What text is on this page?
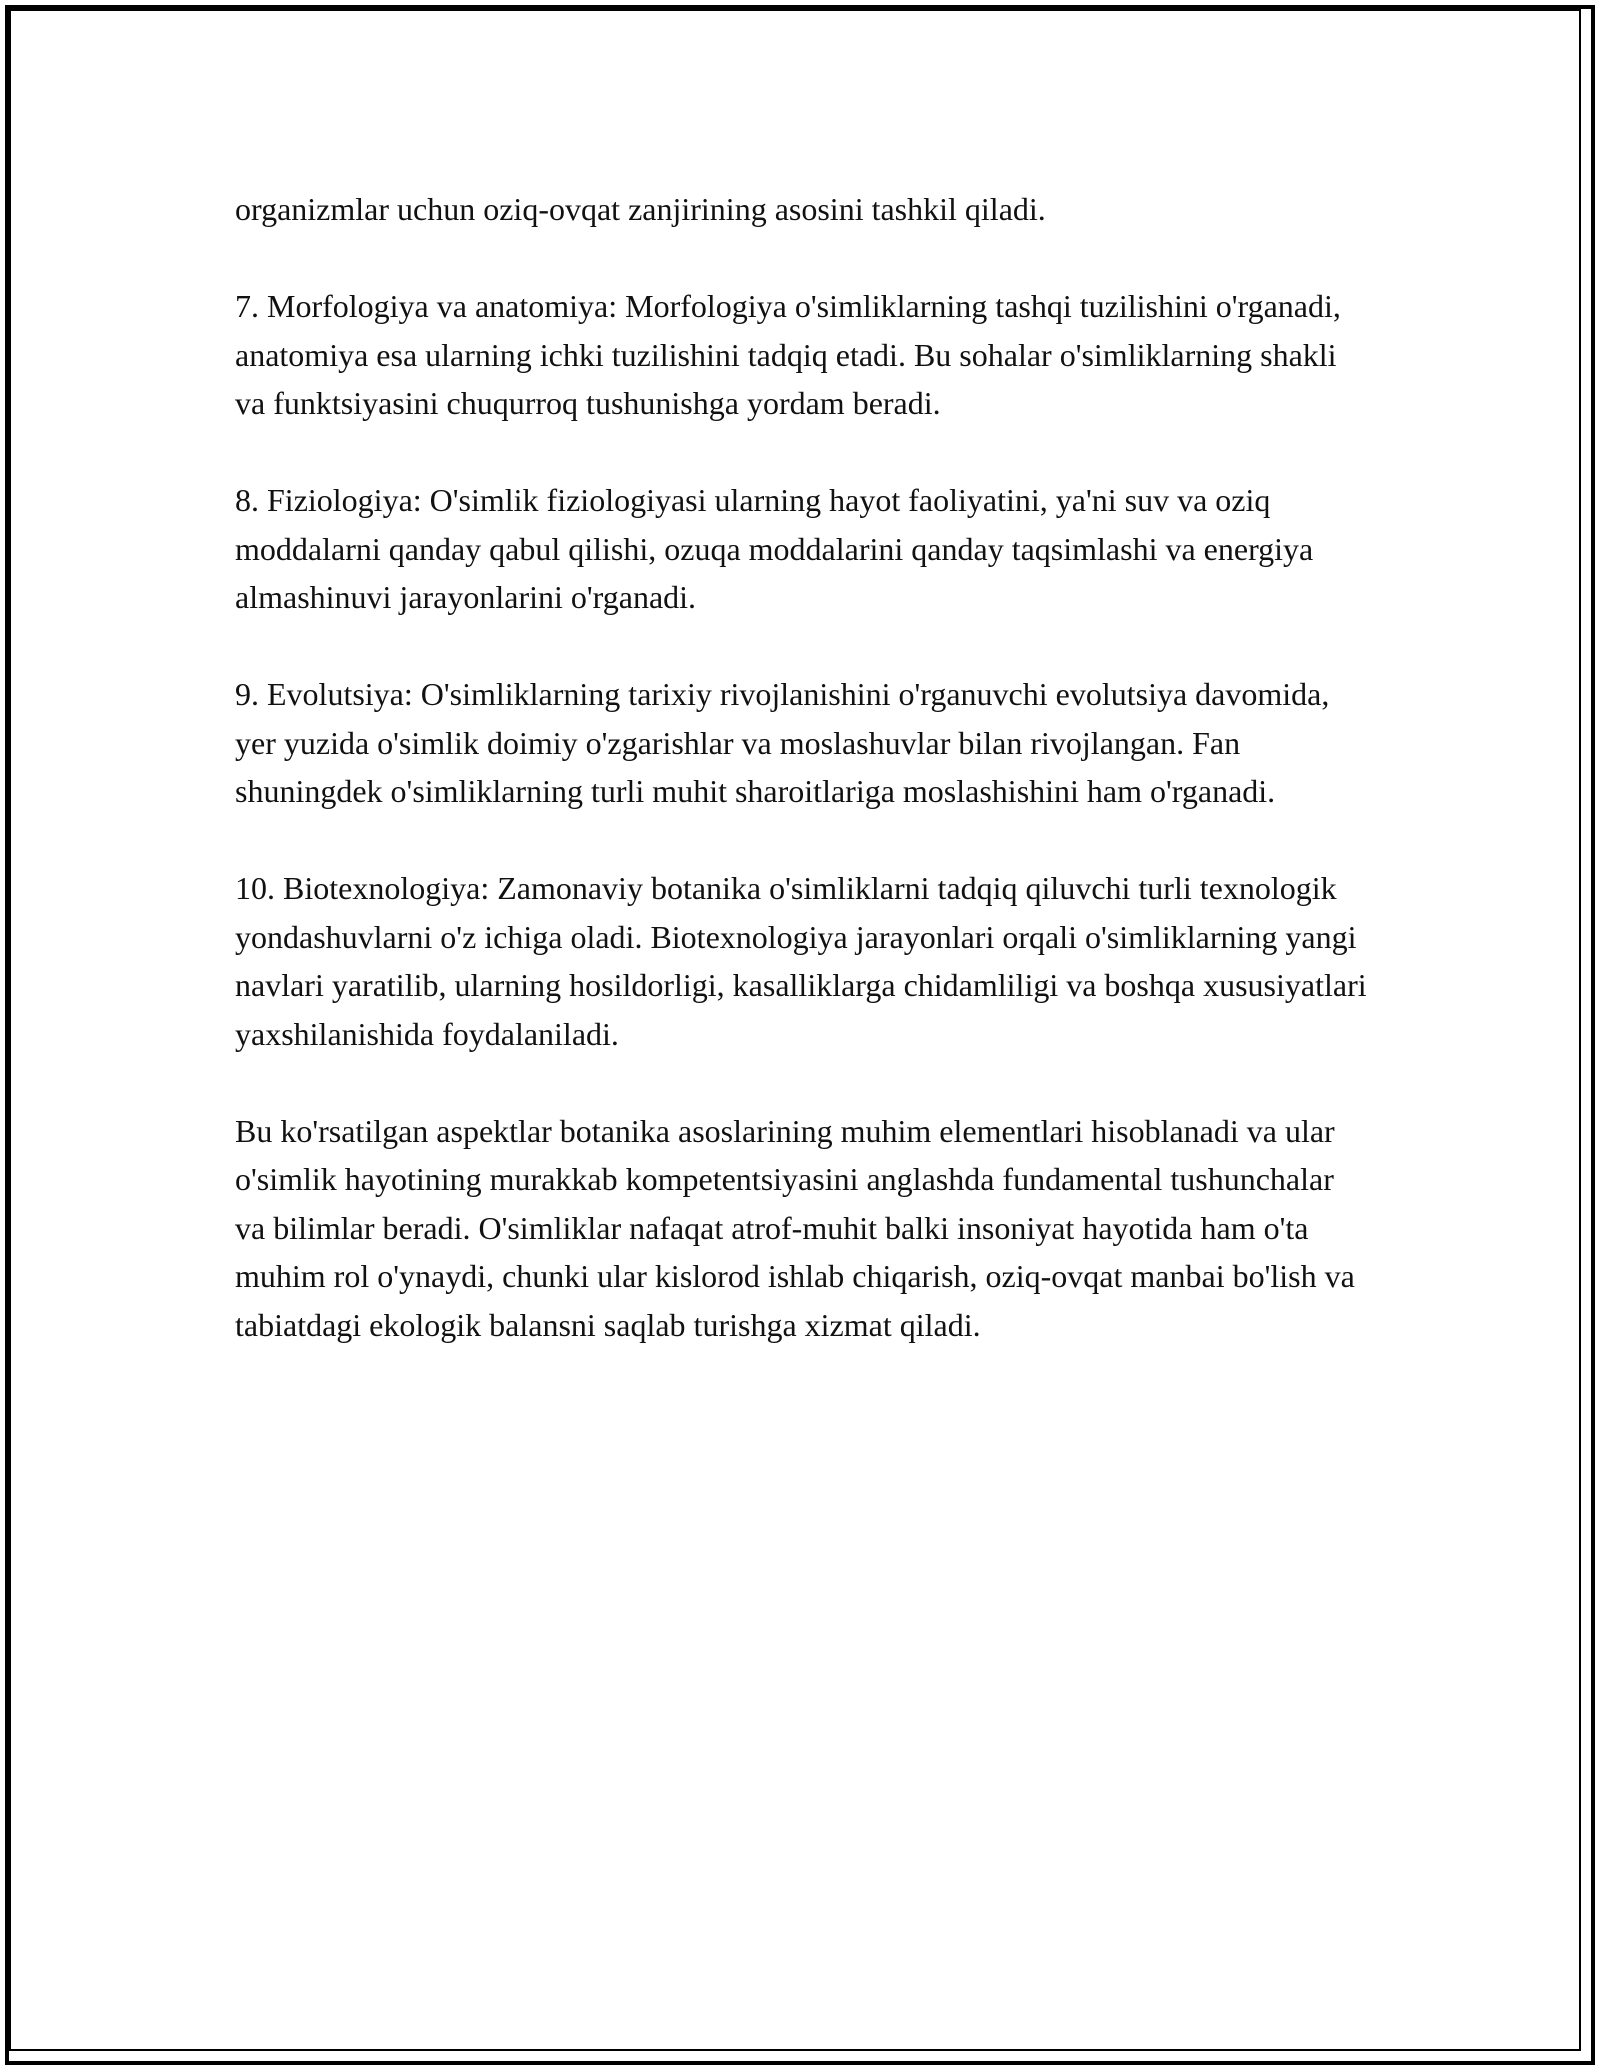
organizmlar uchun oziq-ovqat zanjirining asosini tashkil qiladi.

7. Morfologiya va anatomiya: Morfologiya o'simliklarning tashqi tuzilishini o'rganadi, anatomiya esa ularning ichki tuzilishini tadqiq etadi. Bu sohalar o'simliklarning shakli va funktsiyasini chuqurroq tushunishga yordam beradi.

8. Fiziologiya: O'simlik fiziologiyasi ularning hayot faoliyatini, ya'ni suv va oziq moddalarni qanday qabul qilishi, ozuqa moddalarini qanday taqsimlashi va energiya almashinuvi jarayonlarini o'rganadi.

9. Evolutsiya: O'simliklarning tarixiy rivojlanishini o'rganuvchi evolutsiya davomida, yer yuzida o'simlik doimiy o'zgarishlar va moslashuvlar bilan rivojlangan. Fan shuningdek o'simliklarning turli muhit sharoitlariga moslashishini ham o'rganadi.

10. Biotexnologiya: Zamonaviy botanika o'simliklarni tadqiq qiluvchi turli texnologik yondashuvlarni o'z ichiga oladi. Biotexnologiya jarayonlari orqali o'simliklarning yangi navlari yaratilib, ularning hosildorligi, kasalliklarga chidamliligi va boshqa xususiyatlari yaxshilanishida foydalaniladi.

Bu ko'rsatilgan aspektlar botanika asoslarining muhim elementlari hisoblanadi va ular o'simlik hayotining murakkab kompetentsiyasini anglashda fundamental tushunchalar va bilimlar beradi. O'simliklar nafaqat atrof-muhit balki insoniyat hayotida ham o'ta muhim rol o'ynaydi, chunki ular kislorod ishlab chiqarish, oziq-ovqat manbai bo'lish va tabiatdagi ekologik balansni saqlab turishga xizmat qiladi.
